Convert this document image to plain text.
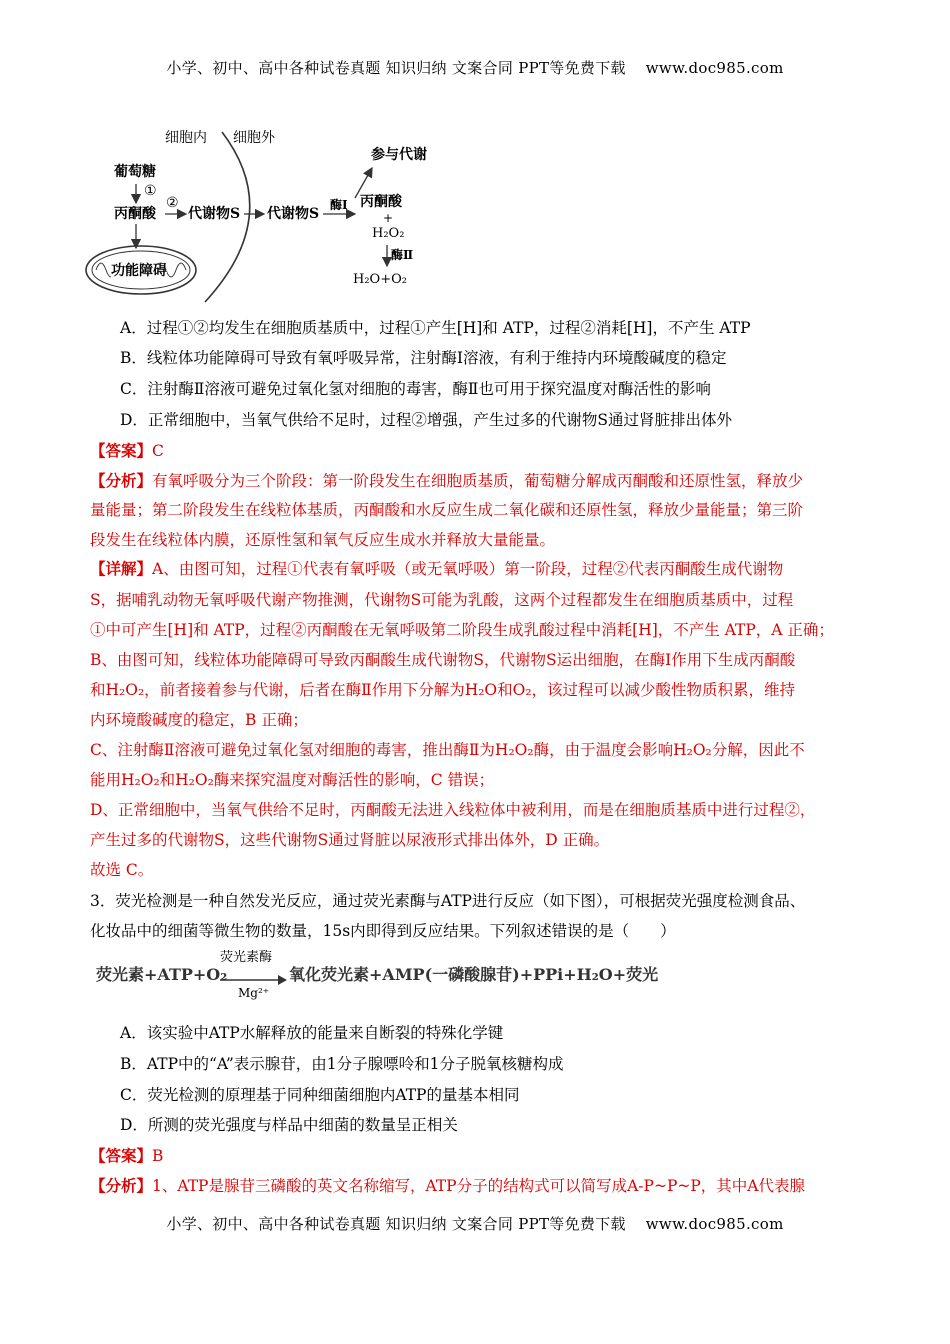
小学、初中、高中各种试卷真题 知识归纳 文案合同 PPT等免费下载 www.doc985.com
细胞内 细胞外
葡萄糖
①
②
丙酮酸 代谢物S 代谢物S
酶Ⅰ 丙酮酸
+
H₂O₂
酶Ⅱ
H₂O+O₂
参与代谢
功能障碍
A．过程①②均发生在细胞质基质中，过程①产生[H]和 ATP，过程②消耗[H]，不产生 ATP
B．线粒体功能障碍可导致有氧呼吸异常，注射酶Ⅰ溶液，有利于维持内环境酸碱度的稳定
C．注射酶Ⅱ溶液可避免过氧化氢对细胞的毒害，酶Ⅱ也可用于探究温度对酶活性的影响
D．正常细胞中，当氧气供给不足时，过程②增强，产生过多的代谢物S通过肾脏排出体外
【答案】C
【分析】有氧呼吸分为三个阶段：第一阶段发生在细胞质基质，葡萄糖分解成丙酮酸和还原性氢，释放少
量能量；第二阶段发生在线粒体基质，丙酮酸和水反应生成二氧化碳和还原性氢，释放少量能量；第三阶
段发生在线粒体内膜，还原性氢和氧气反应生成水并释放大量能量。
【详解】A、由图可知，过程①代表有氧呼吸（或无氧呼吸）第一阶段，过程②代表丙酮酸生成代谢物
S，据哺乳动物无氧呼吸代谢产物推测，代谢物S可能为乳酸，这两个过程都发生在细胞质基质中，过程
①中可产生[H]和 ATP，过程②丙酮酸在无氧呼吸第二阶段生成乳酸过程中消耗[H]，不产生 ATP，A 正确；
B、由图可知，线粒体功能障碍可导致丙酮酸生成代谢物S，代谢物S运出细胞，在酶Ⅰ作用下生成丙酮酸
和H₂O₂，前者接着参与代谢，后者在酶Ⅱ作用下分解为H₂O和O₂，该过程可以减少酸性物质积累，维持
内环境酸碱度的稳定，B 正确；
C、注射酶Ⅱ溶液可避免过氧化氢对细胞的毒害，推出酶Ⅱ为H₂O₂酶，由于温度会影响H₂O₂分解，因此不
能用H₂O₂和H₂O₂酶来探究温度对酶活性的影响，C 错误；
D、正常细胞中，当氧气供给不足时，丙酮酸无法进入线粒体中被利用，而是在细胞质基质中进行过程②，
产生过多的代谢物S，这些代谢物S通过肾脏以尿液形式排出体外，D 正确。
故选 C。
3．荧光检测是一种自然发光反应，通过荧光素酶与ATP进行反应（如下图），可根据荧光强度检测食品、
化妆品中的细菌等微生物的数量，15s内即得到反应结果。下列叙述错误的是（　　）
荧光素+ATP+O₂
荧光素酶
Mg²⁺
氧化荧光素+AMP(一磷酸腺苷)+PPi+H₂O+荧光
A．该实验中ATP水解释放的能量来自断裂的特殊化学键
B．ATP中的“A”表示腺苷，由1分子腺嘌呤和1分子脱氧核糖构成
C．荧光检测的原理基于同种细菌细胞内ATP的量基本相同
D．所测的荧光强度与样品中细菌的数量呈正相关
【答案】B
【分析】1、ATP是腺苷三磷酸的英文名称缩写，ATP分子的结构式可以简写成A-P~P~P，其中A代表腺
小学、初中、高中各种试卷真题 知识归纳 文案合同 PPT等免费下载 www.doc985.com
